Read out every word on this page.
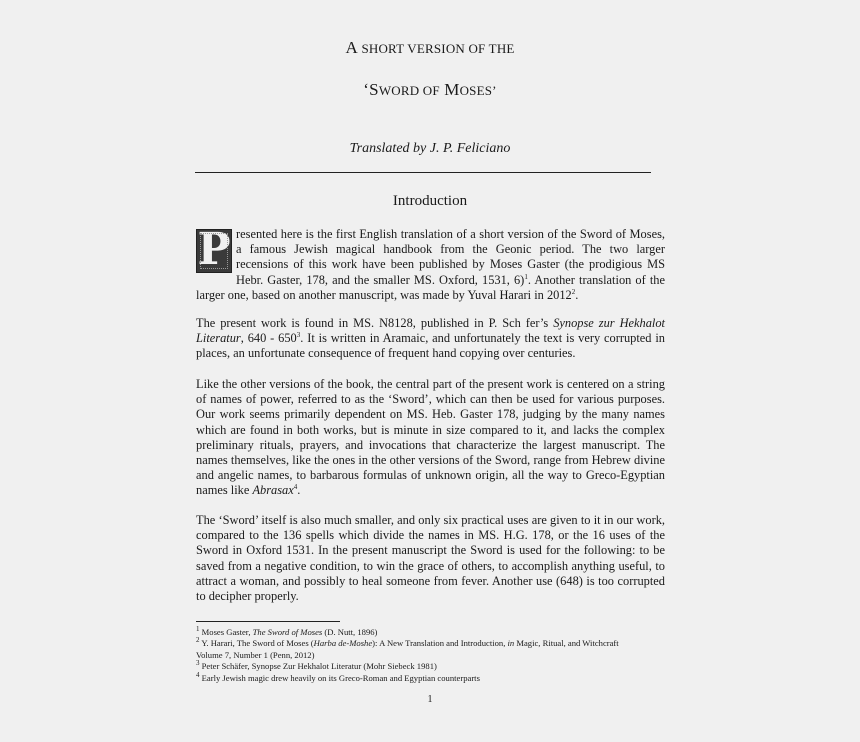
A SHORT VERSION OF THE
‘SWORD OF MOSES’
Translated by J. P. Feliciano
Introduction

P resented here is the first English translation of a short version of the Sword of Moses, a famous Jewish magical handbook from the Geonic period. The two larger recensions of this work have been published by Moses Gaster (the prodigious MS Hebr. Gaster, 178, and the smaller MS. Oxford, 1531, 6)$^1$. Another translation of the larger one, based on another manuscript, was made by Yuval Harari in 2012$^2$.

The present work is found in MS. N8128, published in P. Sch fer’s Synopse zur Hekhalot Literatur, $640 - 650^3$. It is written in Aramaic, and unfortunately the text is very corrupted in places, an unfortunate consequence of frequent hand copying over centuries.

Like the other versions of the book, the central part of the present work is centered on a string of names of power, referred to as the ‘Sword’, which can then be used for various purposes. Our work seems primarily dependent on MS. Heb. Gaster 178, judging by the many names which are found in both works, but is minute in size compared to it, and lacks the complex preliminary rituals, prayers, and invocations that characterize the largest manuscript. The names themselves, like the ones in the other versions of the Sword, range from Hebrew divine and angelic names, to barbarous formulas of unknown origin, all the way to Greco-Egyptian names like Abrasax$^4$.

The ‘Sword’ itself is also much smaller, and only six practical uses are given to it in our work, compared to the 136 spells which divide the names in MS. H.G. 178, or the 16 uses of the Sword in Oxford 1531. In the present manuscript the Sword is used for the following: to be saved from a negative condition, to win the grace of others, to accomplish anything useful, to attract a woman, and possibly to heal someone from fever. Another use (648) is too corrupted to decipher properly.

$^1$ Moses Gaster, The Sword of Moses (D. Nutt, 1896)
$^2$ Y. Harari, The Sword of Moses (Harba de-Moshe): A New Translation and Introduction, in Magic, Ritual, and Witchcraft
Volume 7, Number 1 (Penn, 2012)
$^3$ Peter Schäfer, Synopse Zur Hekhalot Literatur (Mohr Siebeck 1981)
$^4$ Early Jewish magic drew heavily on its Greco-Roman and Egyptian counterparts
1
